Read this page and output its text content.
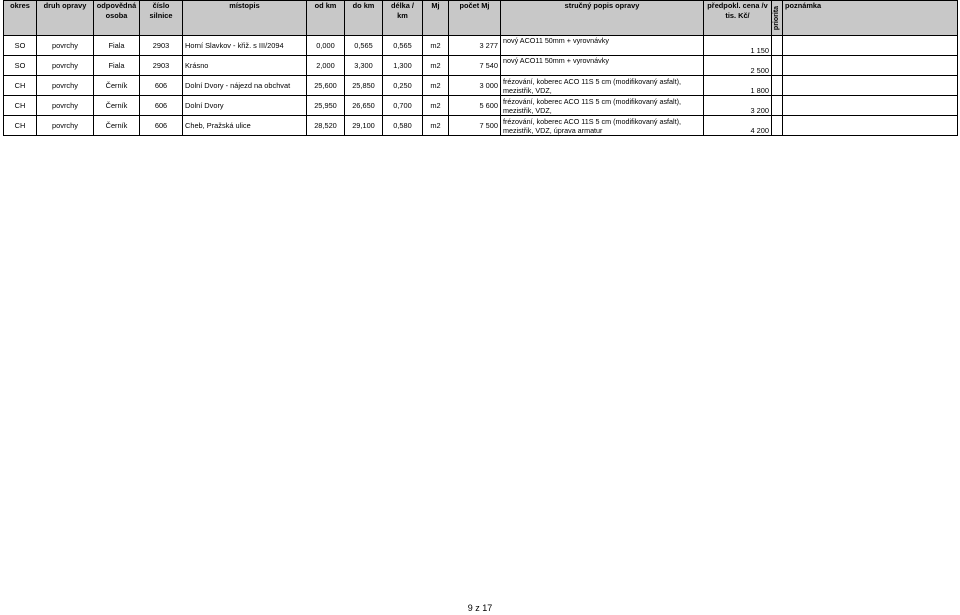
okres	druh opravy	odpovědná osoba	číslo silnice	místopis	od km	do km	délka / km	Mj	počet Mj	stručný popis opravy	předpokl. cena /v tis. Kč/	priorita	poznámka
SO	povrchy	Fiala	2903	Horní Slavkov - křiž. s III/2094	0,000	0,565	0,565	m2	3 277	nový ACO11 50mm + vyrovnávky	1 150		
SO	povrchy	Fiala	2903	Krásno	2,000	3,300	1,300	m2	7 540	nový ACO11 50mm + vyrovnávky	2 500		
CH	povrchy	Černík	606	Dolní Dvory - nájezd na obchvat	25,600	25,850	0,250	m2	3 000	frézování, koberec ACO 11S 5 cm (modifikovaný asfalt), mezistřik, VDZ,	1 800		
CH	povrchy	Černík	606	Dolní Dvory	25,950	26,650	0,700	m2	5 600	frézování, koberec ACO 11S 5 cm (modifikovaný asfalt), mezistřik, VDZ,	3 200		
CH	povrchy	Černík	606	Cheb, Pražská ulice	28,520	29,100	0,580	m2	7 500	frézování, koberec ACO 11S 5 cm (modifikovaný asfalt), mezistřik, VDZ, úprava armatur	4 200		
9 z 17
